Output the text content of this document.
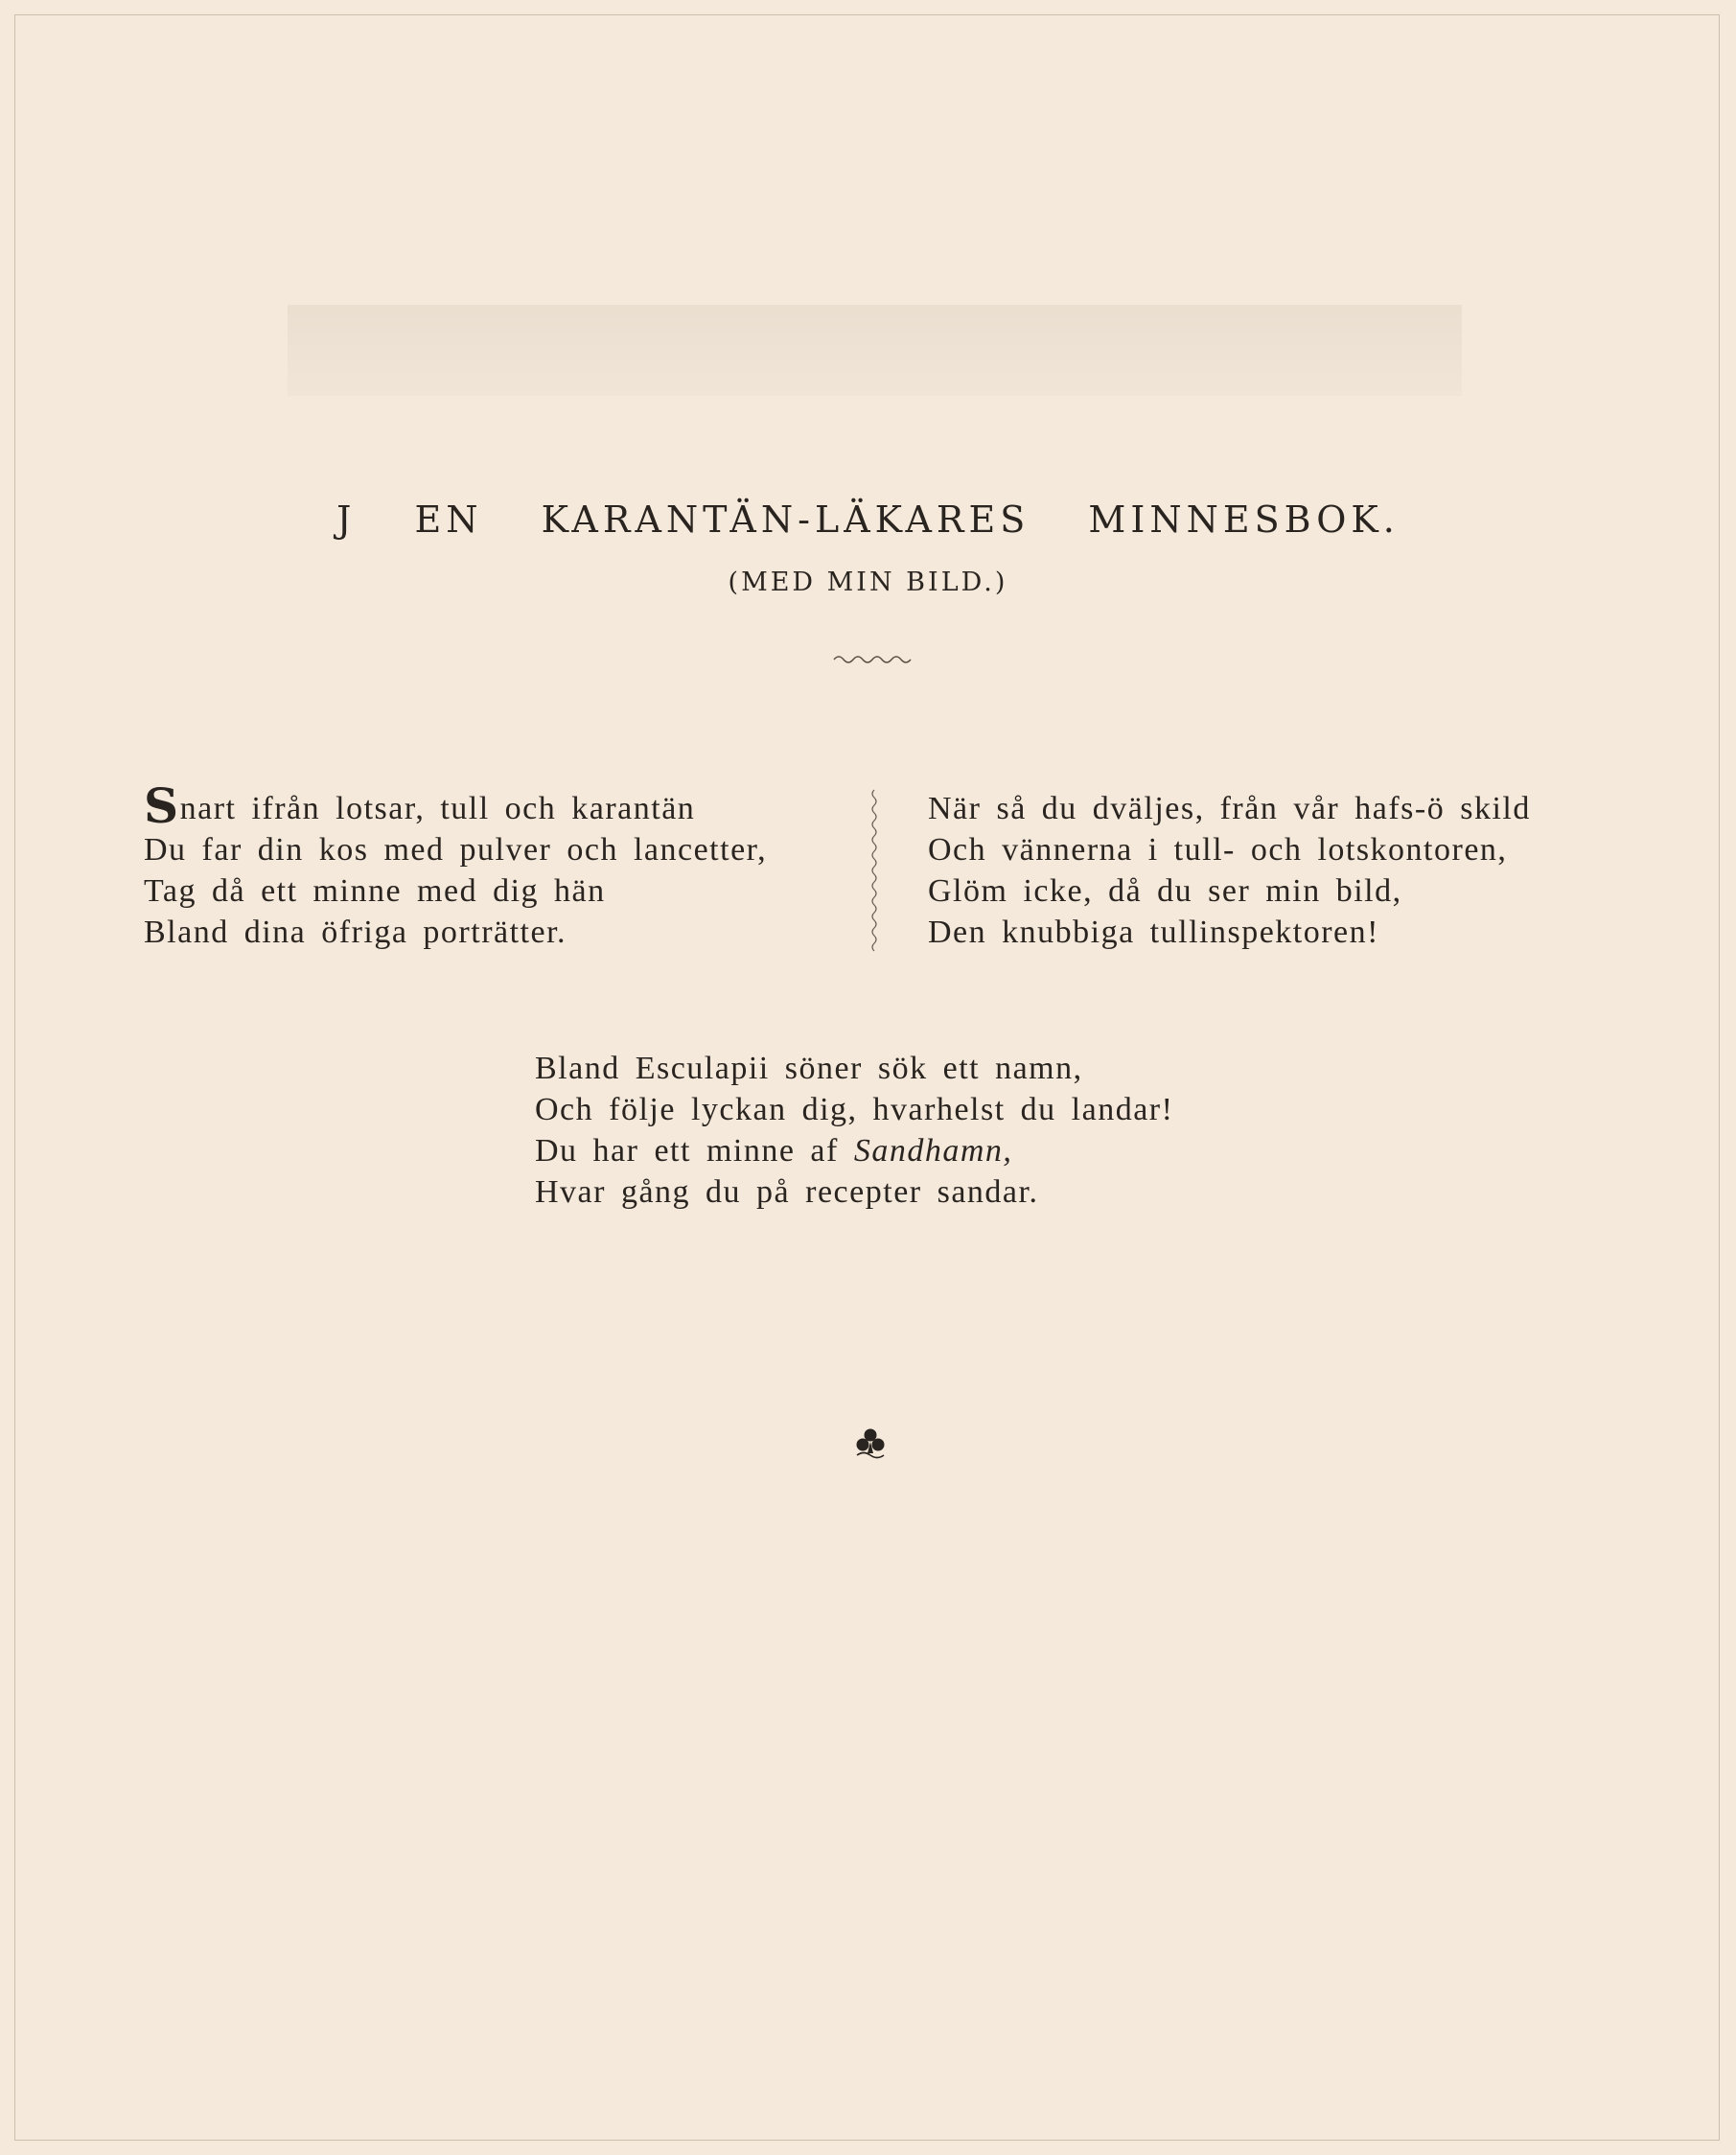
J EN KARANTÄN-LÄKARES MINNESBOK.
(MED MIN BILD.)
Snart ifrån lotsar, tull och karantän
Du far din kos med pulver och lancetter,
Tag då ett minne med dig hän
Bland dina öfriga porträtter.
När så du dväljes, från vår hafs-ö skild
Och vännerna i tull- och lotskontoren,
Glöm icke, då du ser min bild,
Den knubbiga tullinspektoren!
Bland Esculapii söner sök ett namn,
Och följe lyckan dig, hvarhelst du landar!
Du har ett minne af Sandhamn,
Hvar gång du på recepter sandar.
